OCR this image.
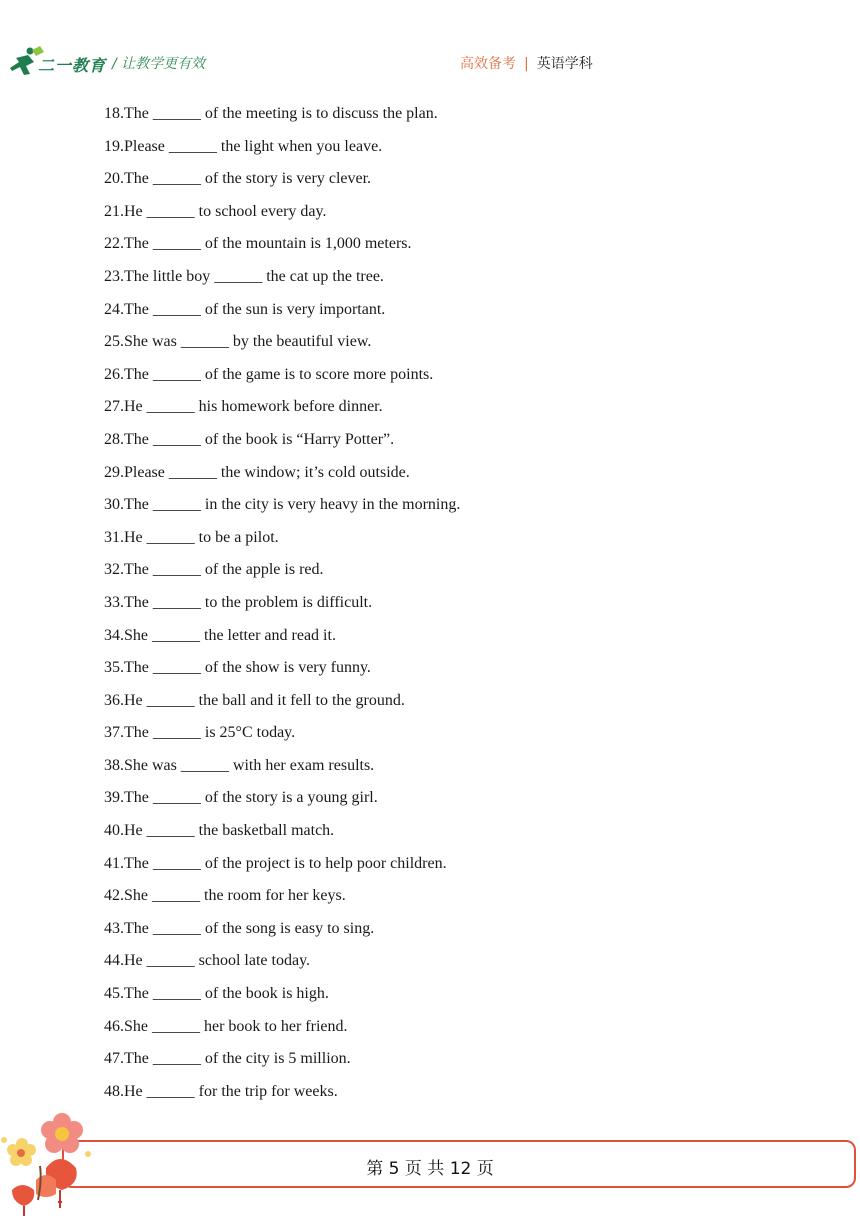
二一教育 / 让教学更有效	高效备考 | 英语学科
18.The ______ of the meeting is to discuss the plan.
19.Please ______ the light when you leave.
20.The ______ of the story is very clever.
21.He ______ to school every day.
22.The ______ of the mountain is 1,000 meters.
23.The little boy ______ the cat up the tree.
24.The ______ of the sun is very important.
25.She was ______ by the beautiful view.
26.The ______ of the game is to score more points.
27.He ______ his homework before dinner.
28.The ______ of the book is “Harry Potter”.
29.Please ______ the window; it’s cold outside.
30.The ______ in the city is very heavy in the morning.
31.He ______ to be a pilot.
32.The ______ of the apple is red.
33.The ______ to the problem is difficult.
34.She ______ the letter and read it.
35.The ______ of the show is very funny.
36.He ______ the ball and it fell to the ground.
37.The ______ is 25°C today.
38.She was ______ with her exam results.
39.The ______ of the story is a young girl.
40.He ______ the basketball match.
41.The ______ of the project is to help poor children.
42.She ______ the room for her keys.
43.The ______ of the song is easy to sing.
44.He ______ school late today.
45.The ______ of the book is high.
46.She ______ her book to her friend.
47.The ______ of the city is 5 million.
48.He ______ for the trip for weeks.
第 5 页 共 12 页
